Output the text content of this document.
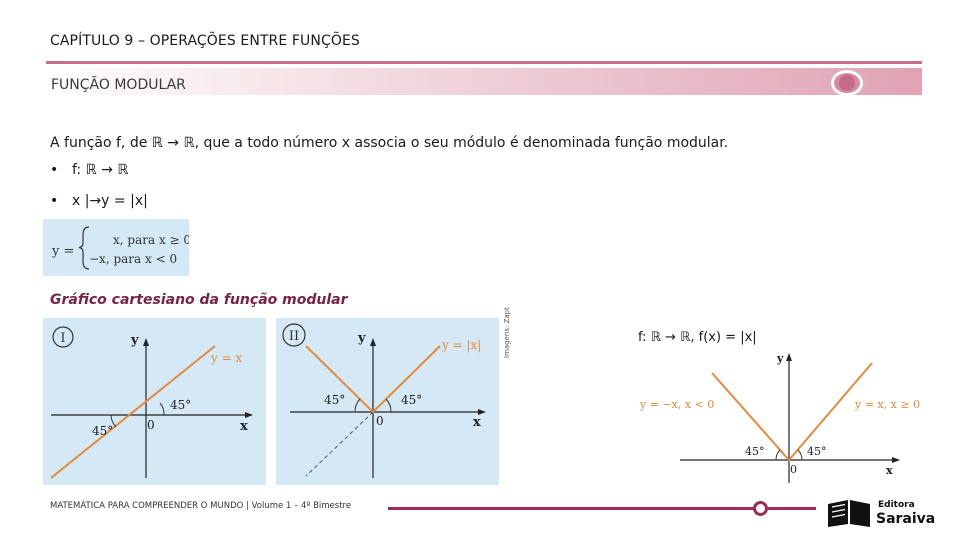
CAPÍTULO 9 – OPERAÇÕES ENTRE FUNÇÕES
FUNÇÃO MODULAR
A função f, de ℝ → ℝ, que a todo número x associa o seu módulo é denominada função modular.
• f: ℝ → ℝ
• x |→y = |x|
y =
x, para x ≥ 0
−x, para x < 0
Gráfico cartesiano da função modular
I	y
x
0
y = x
45°
45°
II	y
x
0
y = |x|
45°	45°
Imagens: Zapt	f: ℝ → ℝ, f(x) = |x|
y
x
0
y = −x, x < 0	y = x, x ≥ 0
45°	45°
MATEMÁTICA PARA COMPREENDER O MUNDO | Volume 1 – 4º Bimestre	Editora
Saraiva
